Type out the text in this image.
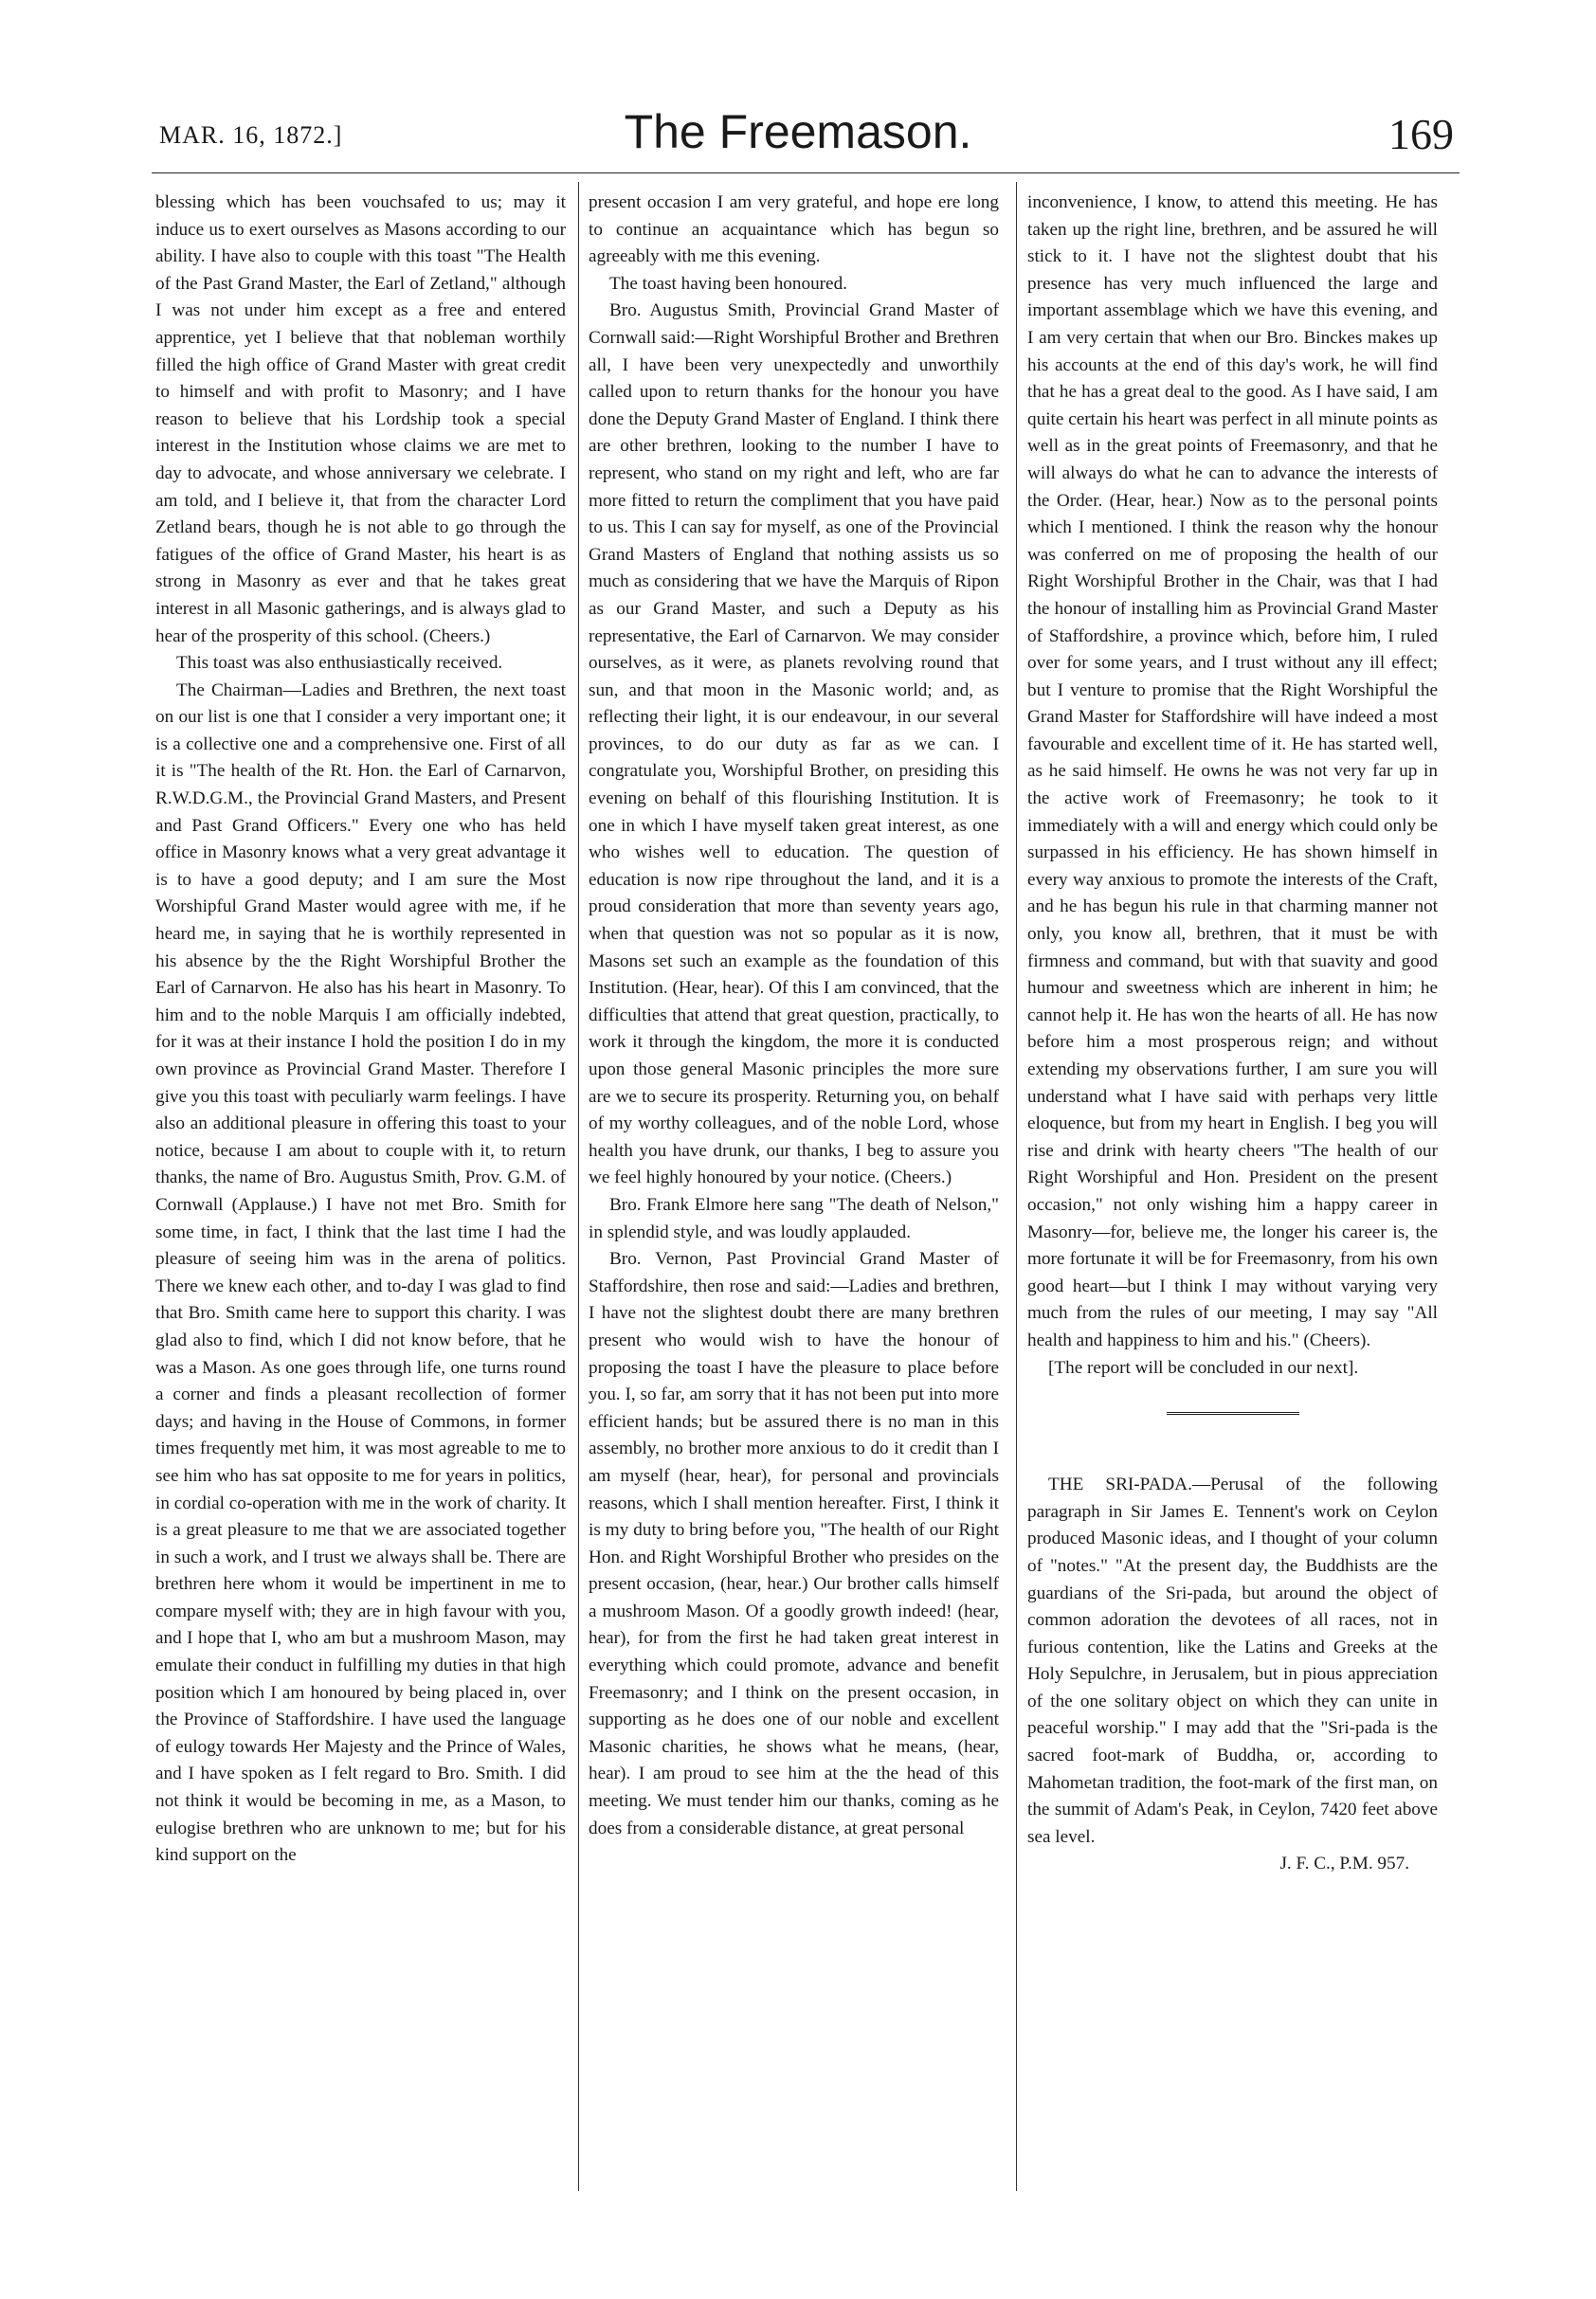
MAR. 16, 1872.]	The Freemason.	169

blessing which has been vouchsafed to us; may it induce us to exert ourselves as Masons according to our ability. I have also to couple with this toast "The Health of the Past Grand Master, the Earl of Zetland," although I was not under him except as a free and entered apprentice, yet I believe that that nobleman worthily filled the high office of Grand Master with great credit to himself and with profit to Masonry; and I have reason to believe that his Lordship took a special interest in the Institution whose claims we are met to day to advocate, and whose anniversary we celebrate. I am told, and I believe it, that from the character Lord Zetland bears, though he is not able to go through the fatigues of the office of Grand Master, his heart is as strong in Masonry as ever and that he takes great interest in all Masonic gatherings, and is always glad to hear of the prosperity of this school. (Cheers.)

This toast was also enthusiastically received.

The Chairman—Ladies and Brethren, the next toast on our list is one that I consider a very important one; it is a collective one and a comprehensive one. First of all it is "The health of the Rt. Hon. the Earl of Carnarvon, R.W.D.G.M., the Provincial Grand Masters, and Present and Past Grand Officers." Every one who has held office in Masonry knows what a very great advantage it is to have a good deputy; and I am sure the Most Worshipful Grand Master would agree with me, if he heard me, in saying that he is worthily represented in his absence by the the Right Worshipful Brother the Earl of Carnarvon. He also has his heart in Masonry. To him and to the noble Marquis I am officially indebted, for it was at their instance I hold the position I do in my own province as Provincial Grand Master. Therefore I give you this toast with peculiarly warm feelings. I have also an additional pleasure in offering this toast to your notice, because I am about to couple with it, to return thanks, the name of Bro. Augustus Smith, Prov. G.M. of Cornwall (Applause.) I have not met Bro. Smith for some time, in fact, I think that the last time I had the pleasure of seeing him was in the arena of politics. There we knew each other, and to-day I was glad to find that Bro. Smith came here to support this charity. I was glad also to find, which I did not know before, that he was a Mason. As one goes through life, one turns round a corner and finds a pleasant recollection of former days; and having in the House of Commons, in former times frequently met him, it was most agreable to me to see him who has sat opposite to me for years in politics, in cordial co-operation with me in the work of charity. It is a great pleasure to me that we are associated together in such a work, and I trust we always shall be. There are brethren here whom it would be impertinent in me to compare myself with; they are in high favour with you, and I hope that I, who am but a mushroom Mason, may emulate their conduct in fulfilling my duties in that high position which I am honoured by being placed in, over the Province of Staffordshire. I have used the language of eulogy towards Her Majesty and the Prince of Wales, and I have spoken as I felt regard to Bro. Smith. I did not think it would be becoming in me, as a Mason, to eulogise brethren who are unknown to me; but for his kind support on the

present occasion I am very grateful, and hope ere long to continue an acquaintance which has begun so agreeably with me this evening.

The toast having been honoured.

Bro. Augustus Smith, Provincial Grand Master of Cornwall said:—Right Worshipful Brother and Brethren all, I have been very unexpectedly and unworthily called upon to return thanks for the honour you have done the Deputy Grand Master of England. I think there are other brethren, looking to the number I have to represent, who stand on my right and left, who are far more fitted to return the compliment that you have paid to us. This I can say for myself, as one of the Provincial Grand Masters of England that nothing assists us so much as considering that we have the Marquis of Ripon as our Grand Master, and such a Deputy as his representative, the Earl of Carnarvon. We may consider ourselves, as it were, as planets revolving round that sun, and that moon in the Masonic world; and, as reflecting their light, it is our endeavour, in our several provinces, to do our duty as far as we can. I congratulate you, Worshipful Brother, on presiding this evening on behalf of this flourishing Institution. It is one in which I have myself taken great interest, as one who wishes well to education. The question of education is now ripe throughout the land, and it is a proud consideration that more than seventy years ago, when that question was not so popular as it is now, Masons set such an example as the foundation of this Institution. (Hear, hear). Of this I am convinced, that the difficulties that attend that great question, practically, to work it through the kingdom, the more it is conducted upon those general Masonic principles the more sure are we to secure its prosperity. Returning you, on behalf of my worthy colleagues, and of the noble Lord, whose health you have drunk, our thanks, I beg to assure you we feel highly honoured by your notice. (Cheers.)

Bro. Frank Elmore here sang "The death of Nelson," in splendid style, and was loudly applauded.

Bro. Vernon, Past Provincial Grand Master of Staffordshire, then rose and said:—Ladies and brethren, I have not the slightest doubt there are many brethren present who would wish to have the honour of proposing the toast I have the pleasure to place before you. I, so far, am sorry that it has not been put into more efficient hands; but be assured there is no man in this assembly, no brother more anxious to do it credit than I am myself (hear, hear), for personal and provincials reasons, which I shall mention hereafter. First, I think it is my duty to bring before you, "The health of our Right Hon. and Right Worshipful Brother who presides on the present occasion, (hear, hear.) Our brother calls himself a mushroom Mason. Of a goodly growth indeed! (hear, hear), for from the first he had taken great interest in everything which could promote, advance and benefit Freemasonry; and I think on the present occasion, in supporting as he does one of our noble and excellent Masonic charities, he shows what he means, (hear, hear). I am proud to see him at the the head of this meeting. We must tender him our thanks, coming as he does from a considerable distance, at great personal

inconvenience, I know, to attend this meeting. He has taken up the right line, brethren, and be assured he will stick to it. I have not the slightest doubt that his presence has very much influenced the large and important assemblage which we have this evening, and I am very certain that when our Bro. Binckes makes up his accounts at the end of this day's work, he will find that he has a great deal to the good. As I have said, I am quite certain his heart was perfect in all minute points as well as in the great points of Freemasonry, and that he will always do what he can to advance the interests of the Order. (Hear, hear.) Now as to the personal points which I mentioned. I think the reason why the honour was conferred on me of proposing the health of our Right Worshipful Brother in the Chair, was that I had the honour of installing him as Provincial Grand Master of Staffordshire, a province which, before him, I ruled over for some years, and I trust without any ill effect; but I venture to promise that the Right Worshipful the Grand Master for Staffordshire will have indeed a most favourable and excellent time of it. He has started well, as he said himself. He owns he was not very far up in the active work of Freemasonry; he took to it immediately with a will and energy which could only be surpassed in his efficiency. He has shown himself in every way anxious to promote the interests of the Craft, and he has begun his rule in that charming manner not only, you know all, brethren, that it must be with firmness and command, but with that suavity and good humour and sweetness which are inherent in him; he cannot help it. He has won the hearts of all. He has now before him a most prosperous reign; and without extending my observations further, I am sure you will understand what I have said with perhaps very little eloquence, but from my heart in English. I beg you will rise and drink with hearty cheers "The health of our Right Worshipful and Hon. President on the present occasion," not only wishing him a happy career in Masonry—for, believe me, the longer his career is, the more fortunate it will be for Freemasonry, from his own good heart—but I think I may without varying very much from the rules of our meeting, I may say "All health and happiness to him and his." (Cheers).

[The report will be concluded in our next].

THE SRI-PADA.—Perusal of the following paragraph in Sir James E. Tennent's work on Ceylon produced Masonic ideas, and I thought of your column of "notes." "At the present day, the Buddhists are the guardians of the Sri-pada, but around the object of common adoration the devotees of all races, not in furious contention, like the Latins and Greeks at the Holy Sepulchre, in Jerusalem, but in pious appreciation of the one solitary object on which they can unite in peaceful worship." I may add that the "Sri-pada is the sacred foot-mark of Buddha, or, according to Mahometan tradition, the foot-mark of the first man, on the summit of Adam's Peak, in Ceylon, 7420 feet above sea level.

J. F. C., P.M. 957.
